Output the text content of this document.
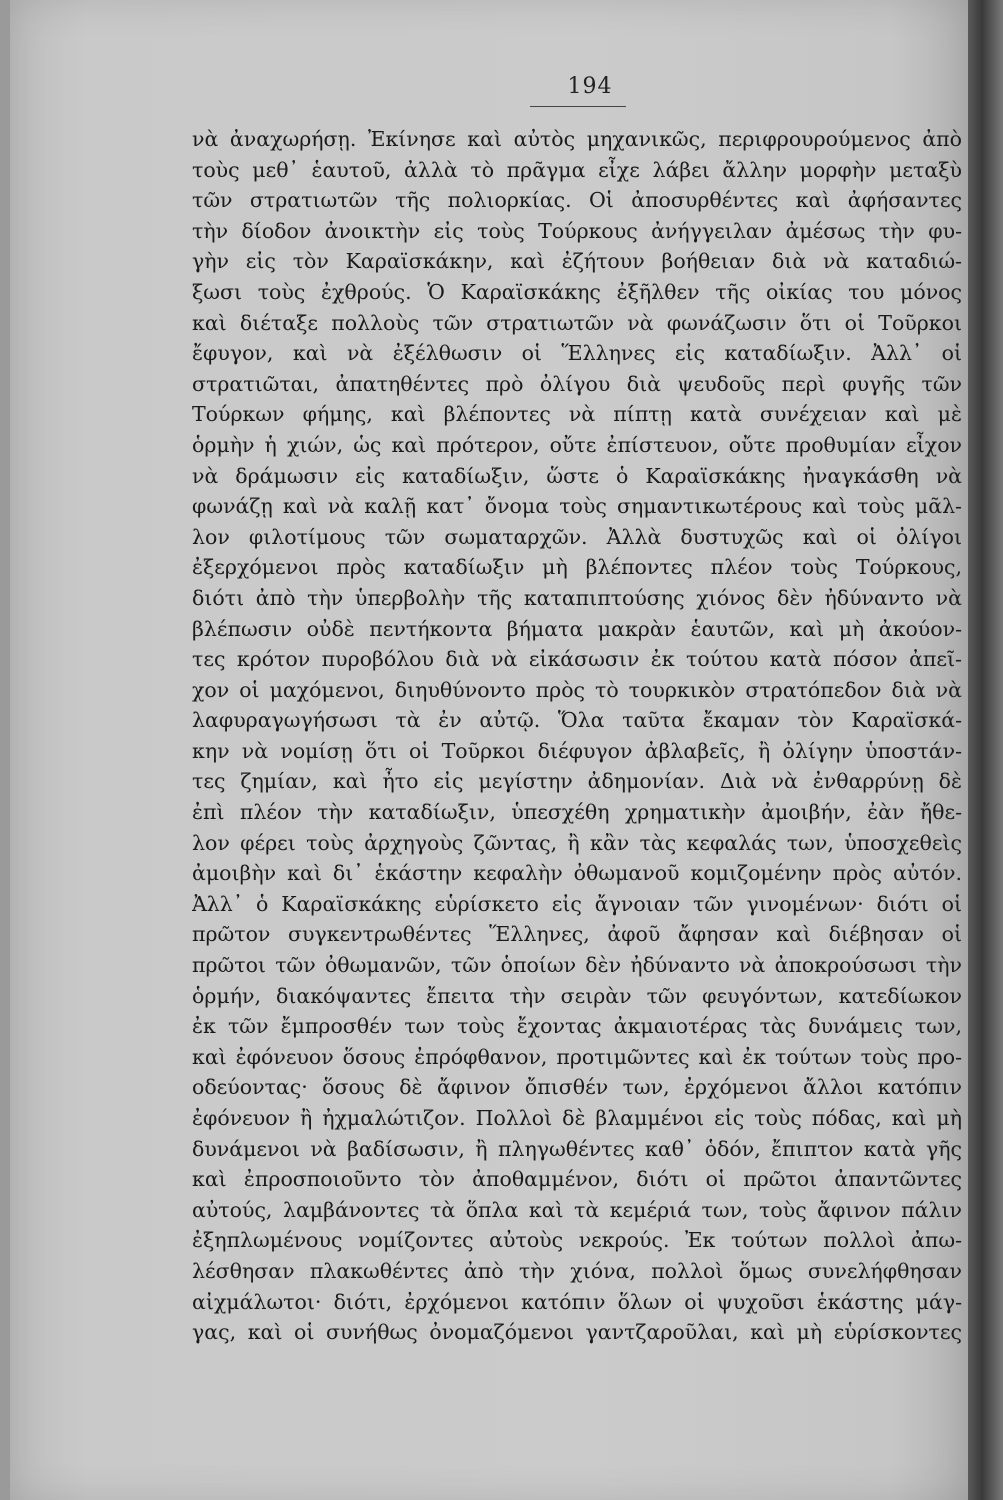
194
νὰ ἀναχωρήσῃ. Ἐκίνησε καὶ αὐτὸς μηχανικῶς, περιφρουρούμενος ἀπὸ
τοὺς μεθ᾽ ἑαυτοῦ, ἀλλὰ τὸ πρᾶγμα εἶχε λάβει ἄλλην μορφὴν μεταξὺ
τῶν στρατιωτῶν τῆς πολιορκίας. Οἱ ἀποσυρθέντες καὶ ἀφήσαντες
τὴν δίοδον ἀνοικτὴν εἰς τοὺς Τούρκους ἀνήγγειλαν ἀμέσως τὴν φυ-
γὴν εἰς τὸν Καραϊσκάκην, καὶ ἐζήτουν βοήθειαν διὰ νὰ καταδιώ-
ξωσι τοὺς ἐχθρούς. Ὁ Καραϊσκάκης ἐξῆλθεν τῆς οἰκίας του μόνος
καὶ διέταξε πολλοὺς τῶν στρατιωτῶν νὰ φωνάζωσιν ὅτι οἱ Τοῦρκοι
ἔφυγον, καὶ νὰ ἐξέλθωσιν οἱ Ἕλληνες εἰς καταδίωξιν. Ἀλλ᾽ οἱ
στρατιῶται, ἀπατηθέντες πρὸ ὀλίγου διὰ ψευδοῦς περὶ φυγῆς τῶν
Τούρκων φήμης, καὶ βλέποντες νὰ πίπτῃ κατὰ συνέχειαν καὶ μὲ
ὁρμὴν ἡ χιών, ὡς καὶ πρότερον, οὔτε ἐπίστευον, οὔτε προθυμίαν εἶχον
νὰ δράμωσιν εἰς καταδίωξιν, ὥστε ὁ Καραϊσκάκης ἠναγκάσθη νὰ
φωνάζῃ καὶ νὰ καλῇ κατ᾽ ὄνομα τοὺς σημαντικωτέρους καὶ τοὺς μᾶλ-
λον φιλοτίμους τῶν σωματαρχῶν. Ἀλλὰ δυστυχῶς καὶ οἱ ὀλίγοι
ἐξερχόμενοι πρὸς καταδίωξιν μὴ βλέποντες πλέον τοὺς Τούρκους,
διότι ἀπὸ τὴν ὑπερβολὴν τῆς καταπιπτούσης χιόνος δὲν ἠδύναντο νὰ
βλέπωσιν οὐδὲ πεντήκοντα βήματα μακρὰν ἑαυτῶν, καὶ μὴ ἀκούον-
τες κρότον πυροβόλου διὰ νὰ εἰκάσωσιν ἐκ τούτου κατὰ πόσον ἀπεῖ-
χον οἱ μαχόμενοι, διηυθύνοντο πρὸς τὸ τουρκικὸν στρατόπεδον διὰ νὰ
λαφυραγωγήσωσι τὰ ἐν αὐτῷ. Ὅλα ταῦτα ἔκαμαν τὸν Καραϊσκά-
κην νὰ νομίσῃ ὅτι οἱ Τοῦρκοι διέφυγον ἀβλαβεῖς, ἢ ὀλίγην ὑποστάν-
τες ζημίαν, καὶ ἦτο εἰς μεγίστην ἀδημονίαν. Διὰ νὰ ἐνθαρρύνῃ δὲ
ἐπὶ πλέον τὴν καταδίωξιν, ὑπεσχέθη χρηματικὴν ἀμοιβήν, ἐὰν ἤθε-
λον φέρει τοὺς ἀρχηγοὺς ζῶντας, ἢ κἂν τὰς κεφαλάς των, ὑποσχεθεὶς
ἀμοιβὴν καὶ δι᾽ ἑκάστην κεφαλὴν ὀθωμανοῦ κομιζομένην πρὸς αὐτόν.
Ἀλλ᾽ ὁ Καραϊσκάκης εὑρίσκετο εἰς ἄγνοιαν τῶν γινομένων· διότι οἱ
πρῶτον συγκεντρωθέντες Ἕλληνες, ἀφοῦ ἄφησαν καὶ διέβησαν οἱ
πρῶτοι τῶν ὀθωμανῶν, τῶν ὁποίων δὲν ἠδύναντο νὰ ἀποκρούσωσι τὴν
ὁρμήν, διακόψαντες ἔπειτα τὴν σειρὰν τῶν φευγόντων, κατεδίωκον
ἐκ τῶν ἔμπροσθέν των τοὺς ἔχοντας ἀκμαιοτέρας τὰς δυνάμεις των,
καὶ ἐφόνευον ὅσους ἐπρόφθανον, προτιμῶντες καὶ ἐκ τούτων τοὺς προ-
οδεύοντας· ὅσους δὲ ἄφινον ὄπισθέν των, ἐρχόμενοι ἄλλοι κατόπιν
ἐφόνευον ἢ ἠχμαλώτιζον. Πολλοὶ δὲ βλαμμένοι εἰς τοὺς πόδας, καὶ μὴ
δυνάμενοι νὰ βαδίσωσιν, ἢ πληγωθέντες καθ᾽ ὁδόν, ἔπιπτον κατὰ γῆς
καὶ ἐπροσποιοῦντο τὸν ἀποθαμμένον, διότι οἱ πρῶτοι ἀπαντῶντες
αὐτούς, λαμβάνοντες τὰ ὅπλα καὶ τὰ κεμέριά των, τοὺς ἄφινον πάλιν
ἐξηπλωμένους νομίζοντες αὐτοὺς νεκρούς. Ἐκ τούτων πολλοὶ ἀπω-
λέσθησαν πλακωθέντες ἀπὸ τὴν χιόνα, πολλοὶ ὅμως συνελήφθησαν
αἰχμάλωτοι· διότι, ἐρχόμενοι κατόπιν ὅλων οἱ ψυχοῦσι ἑκάστης μάγ-
γας, καὶ οἱ συνήθως ὀνομαζόμενοι γαντζαροῦλαι, καὶ μὴ εὑρίσκοντες
